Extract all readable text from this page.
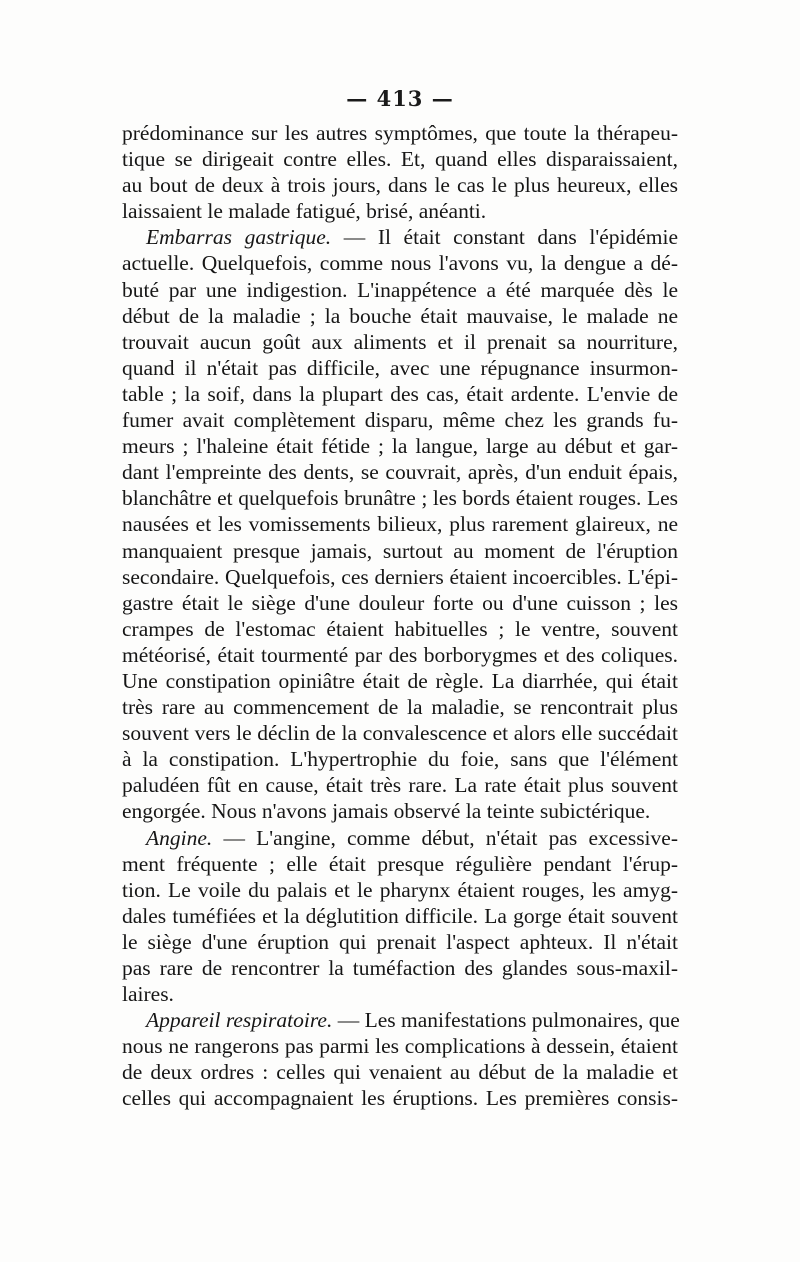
— 413 —
prédominance sur les autres symptômes, que toute la thérapeu-
tique se dirigeait contre elles. Et, quand elles disparaissaient,
au bout de deux à trois jours, dans le cas le plus heureux, elles
laissaient le malade fatigué, brisé, anéanti.
Embarras gastrique. — Il était constant dans l'épidémie
actuelle. Quelquefois, comme nous l'avons vu, la dengue a dé-
buté par une indigestion. L'inappétence a été marquée dès le
début de la maladie ; la bouche était mauvaise, le malade ne
trouvait aucun goût aux aliments et il prenait sa nourriture,
quand il n'était pas difficile, avec une répugnance insurmon-
table ; la soif, dans la plupart des cas, était ardente. L'envie de
fumer avait complètement disparu, même chez les grands fu-
meurs ; l'haleine était fétide ; la langue, large au début et gar-
dant l'empreinte des dents, se couvrait, après, d'un enduit épais,
blanchâtre et quelquefois brunâtre ; les bords étaient rouges. Les
nausées et les vomissements bilieux, plus rarement glaireux, ne
manquaient presque jamais, surtout au moment de l'éruption
secondaire. Quelquefois, ces derniers étaient incoercibles. L'épi-
gastre était le siège d'une douleur forte ou d'une cuisson ; les
crampes de l'estomac étaient habituelles ; le ventre, souvent
météorisé, était tourmenté par des borborygmes et des coliques.
Une constipation opiniâtre était de règle. La diarrhée, qui était
très rare au commencement de la maladie, se rencontrait plus
souvent vers le déclin de la convalescence et alors elle succédait
à la constipation. L'hypertrophie du foie, sans que l'élément
paludéen fût en cause, était très rare. La rate était plus souvent
engorgée. Nous n'avons jamais observé la teinte subictérique.
Angine. — L'angine, comme début, n'était pas excessive-
ment fréquente ; elle était presque régulière pendant l'érup-
tion. Le voile du palais et le pharynx étaient rouges, les amyg-
dales tuméfiées et la déglutition difficile. La gorge était souvent
le siège d'une éruption qui prenait l'aspect aphteux. Il n'était
pas rare de rencontrer la tuméfaction des glandes sous-maxil-
laires.
Appareil respiratoire. — Les manifestations pulmonaires, que
nous ne rangerons pas parmi les complications à dessein, étaient
de deux ordres : celles qui venaient au début de la maladie et
celles qui accompagnaient les éruptions. Les premières consis-
